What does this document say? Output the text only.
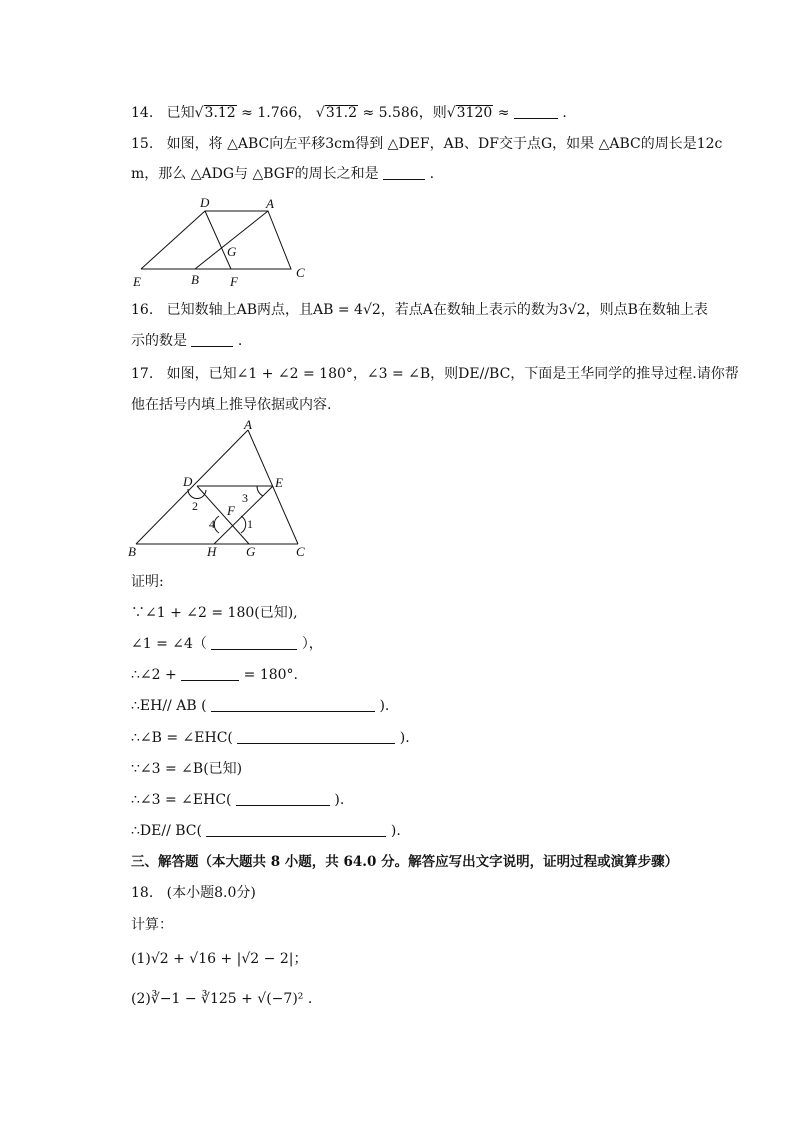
14. 已知√3.12 ≈ 1.766， √31.2 ≈ 5.586，则√3120 ≈	.
15. 如图，将 △ABC向左平移3cm得到 △DEF，AB、DF交于点G，如果 △ABC的周长是12c
m，那么 △ADG与 △BGF的周长之和是	.
D	A
G
E	B F
C
16. 已知数轴上AB两点，且AB = 4√2，若点A在数轴上表示的数为3√2，则点B在数轴上表
示的数是	.
17. 如图，已知∠1 + ∠2 = 180°，∠3 = ∠B，则DE//BC，下面是王华同学的推导过程.请你帮
他在括号内填上推导依据或内容.
A
D	E
F
B	H G	C
1
2
3
4
证明:
∵∠1 + ∠2 = 180(已知),
∠1 = ∠4（	），
∴∠2 +	= 180°.
∴EH// AB (	).
∴∠B = ∠EHC(	).
∵∠3 = ∠B(已知)
∴∠3 = ∠EHC(	).
∴DE// BC(	).
三、解答题（本大题共 8 小题，共 64.0 分。解答应写出文字说明，证明过程或演算步骤）
18. (本小题8.0分)
计算：
(1)√2 + √16 + |√2 − 2|；
(2)∛−1 − ∛125 + √(−7)² .
